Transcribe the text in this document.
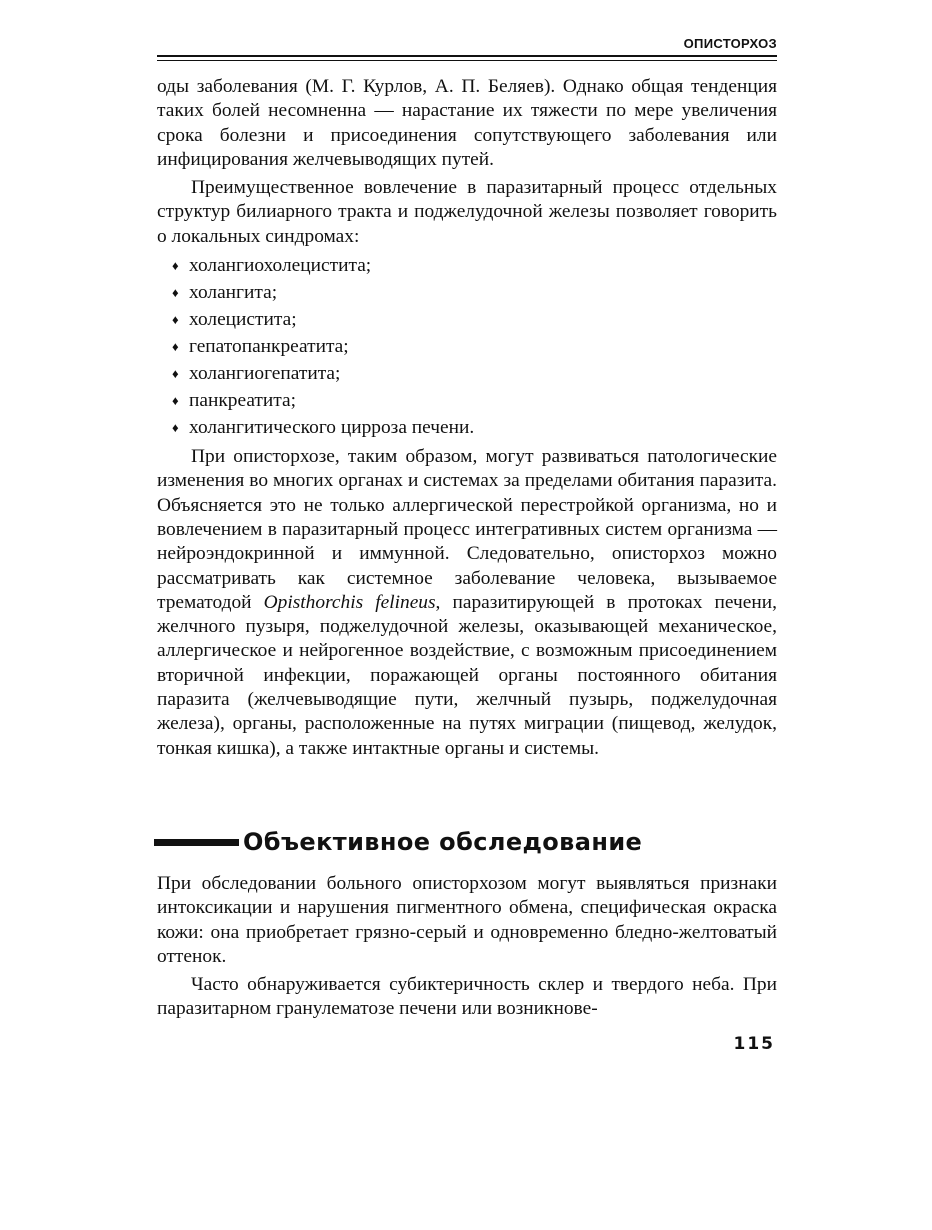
ОПИСТОРХОЗ

оды заболевания (М. Г. Курлов, А. П. Беляев). Однако общая тенденция таких болей несомненна — нарастание их тяжести по мере увеличения срока болезни и присоединения сопутствующего заболевания или инфицирования желчевыводящих путей.

Преимущественное вовлечение в паразитарный процесс отдельных структур билиарного тракта и поджелудочной железы позволяет говорить о локальных синдромах:

♦ холангиохолецистита;
♦ холангита;
♦ холецистита;
♦ гепатопанкреатита;
♦ холангиогепатита;
♦ панкреатита;
♦ холангитического цирроза печени.

При описторхозе, таким образом, могут развиваться патологические изменения во многих органах и системах за пределами обитания паразита. Объясняется это не только аллергической перестройкой организма, но и вовлечением в паразитарный процесс интегративных систем организма — нейроэндокринной и иммунной. Следовательно, описторхоз можно рассматривать как системное заболевание человека, вызываемое трематодой Opisthorchis felineus, паразитирующей в протоках печени, желчного пузыря, поджелудочной железы, оказывающей механическое, аллергическое и нейрогенное воздействие, с возможным присоединением вторичной инфекции, поражающей органы постоянного обитания паразита (желчевыводящие пути, желчный пузырь, поджелудочная железа), органы, расположенные на путях миграции (пищевод, желудок, тонкая кишка), а также интактные органы и системы.

Объективное обследование

При обследовании больного описторхозом могут выявляться признаки интоксикации и нарушения пигментного обмена, специфическая окраска кожи: она приобретает грязно-серый и одновременно бледно-желтоватый оттенок.

Часто обнаруживается субиктеричность склер и твердого неба. При паразитарном гранулематозе печени или возникнове-

115
